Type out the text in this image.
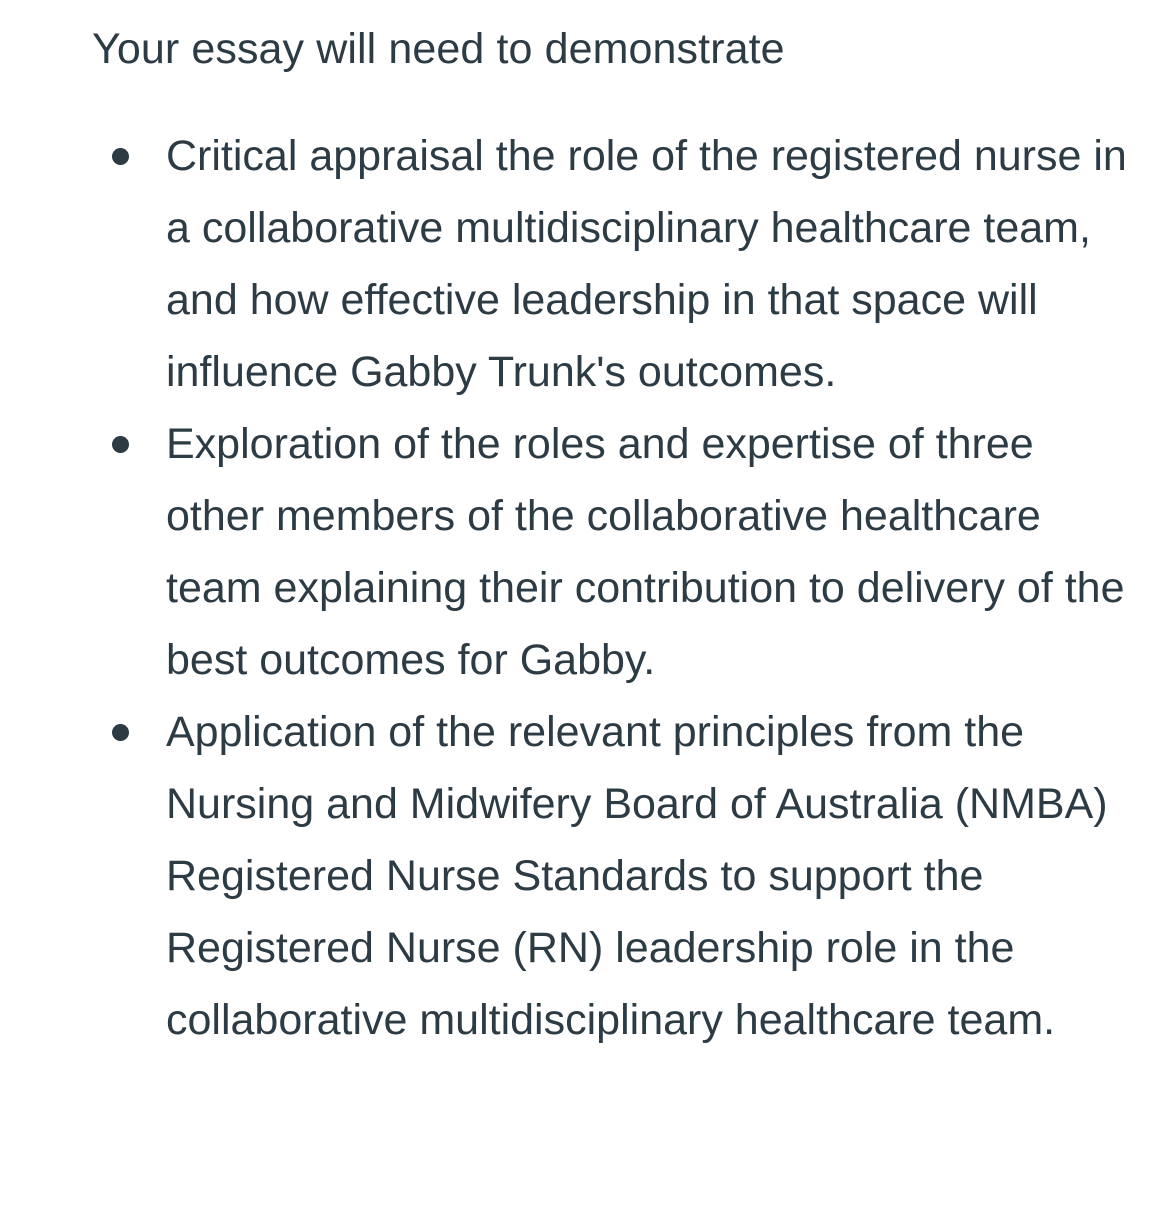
Your essay will need to demonstrate

Critical appraisal the role of the registered nurse in a collaborative multidisciplinary healthcare team, and how effective leadership in that space will influence Gabby Trunk's outcomes.
Exploration of the roles and expertise of three other members of the collaborative healthcare team explaining their contribution to delivery of the best outcomes for Gabby.
Application of the relevant principles from the Nursing and Midwifery Board of Australia (NMBA) Registered Nurse Standards to support the Registered Nurse (RN) leadership role in the collaborative multidisciplinary healthcare team.
